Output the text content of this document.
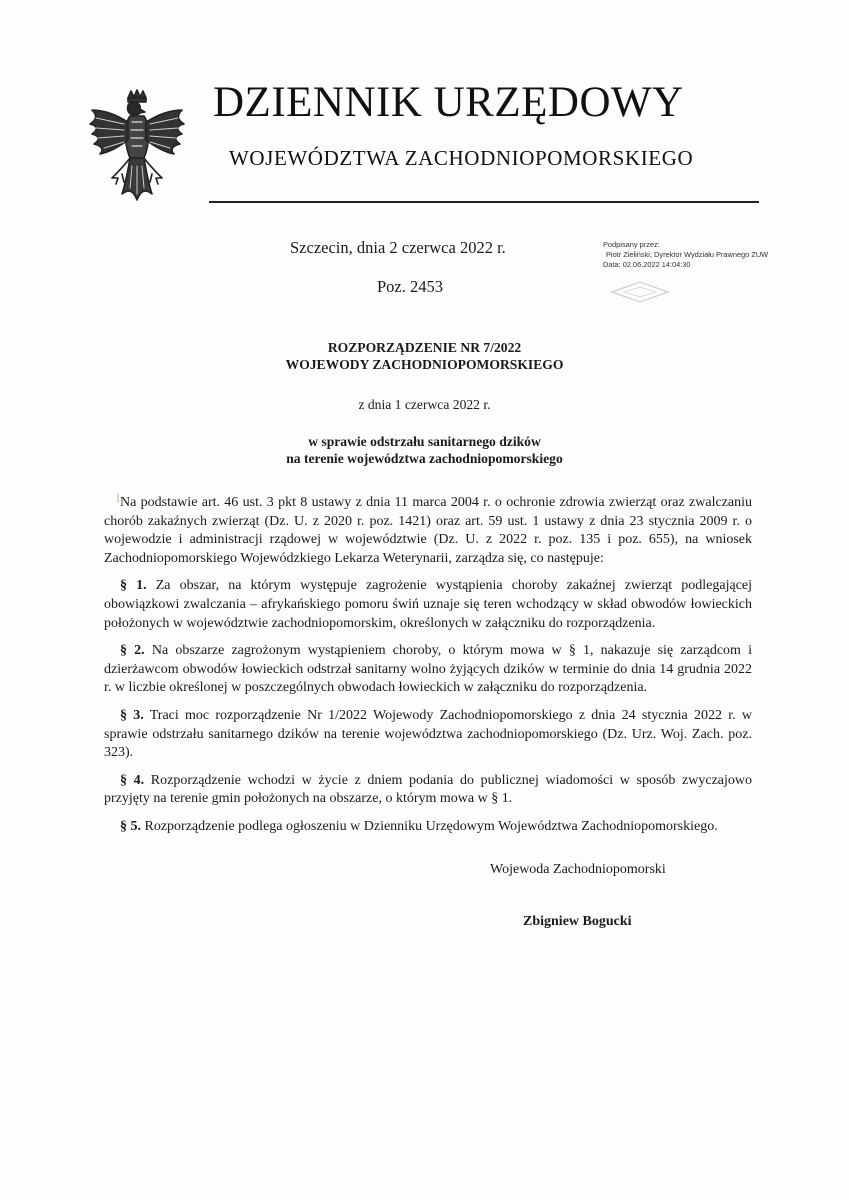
DZIENNIK URZĘDOWY
WOJEWÓDZTWA ZACHODNIOPOMORSKIEGO
Szczecin, dnia 2 czerwca 2022 r.
Poz. 2453
Podpisany przez:
Piotr Zieliński; Dyrektor Wydziału Prawnego ZUW
Data: 02.06.2022 14:04:30
ROZPORZĄDZENIE NR 7/2022
WOJEWODY ZACHODNIOPOMORSKIEGO
z dnia 1 czerwca 2022 r.
w sprawie odstrzału sanitarnego dzików
na terenie województwa zachodniopomorskiego

Na podstawie art. 46 ust. 3 pkt 8 ustawy z dnia 11 marca 2004 r. o ochronie zdrowia zwierząt oraz zwalczaniu chorób zakaźnych zwierząt (Dz. U. z 2020 r. poz. 1421) oraz art. 59 ust. 1 ustawy z dnia 23 stycznia 2009 r. o wojewodzie i administracji rządowej w województwie (Dz. U. z 2022 r. poz. 135 i poz. 655), na wniosek Zachodniopomorskiego Wojewódzkiego Lekarza Weterynarii, zarządza się, co następuje:

§ 1. Za obszar, na którym występuje zagrożenie wystąpienia choroby zakaźnej zwierząt podlegającej obowiązkowi zwalczania – afrykańskiego pomoru świń uznaje się teren wchodzący w skład obwodów łowieckich położonych w województwie zachodniopomorskim, określonych w załączniku do rozporządzenia.

§ 2. Na obszarze zagrożonym wystąpieniem choroby, o którym mowa w § 1, nakazuje się zarządcom i dzierżawcom obwodów łowieckich odstrzał sanitarny wolno żyjących dzików w terminie do dnia 14 grudnia 2022 r. w liczbie określonej w poszczególnych obwodach łowieckich w załączniku do rozporządzenia.

§ 3. Traci moc rozporządzenie Nr 1/2022 Wojewody Zachodniopomorskiego z dnia 24 stycznia 2022 r. w sprawie odstrzału sanitarnego dzików na terenie województwa zachodniopomorskiego (Dz. Urz. Woj. Zach. poz. 323).

§ 4. Rozporządzenie wchodzi w życie z dniem podania do publicznej wiadomości w sposób zwyczajowo przyjęty na terenie gmin położonych na obszarze, o którym mowa w § 1.

§ 5. Rozporządzenie podlega ogłoszeniu w Dzienniku Urzędowym Województwa Zachodniopomorskiego.

Wojewoda Zachodniopomorski
Zbigniew Bogucki
